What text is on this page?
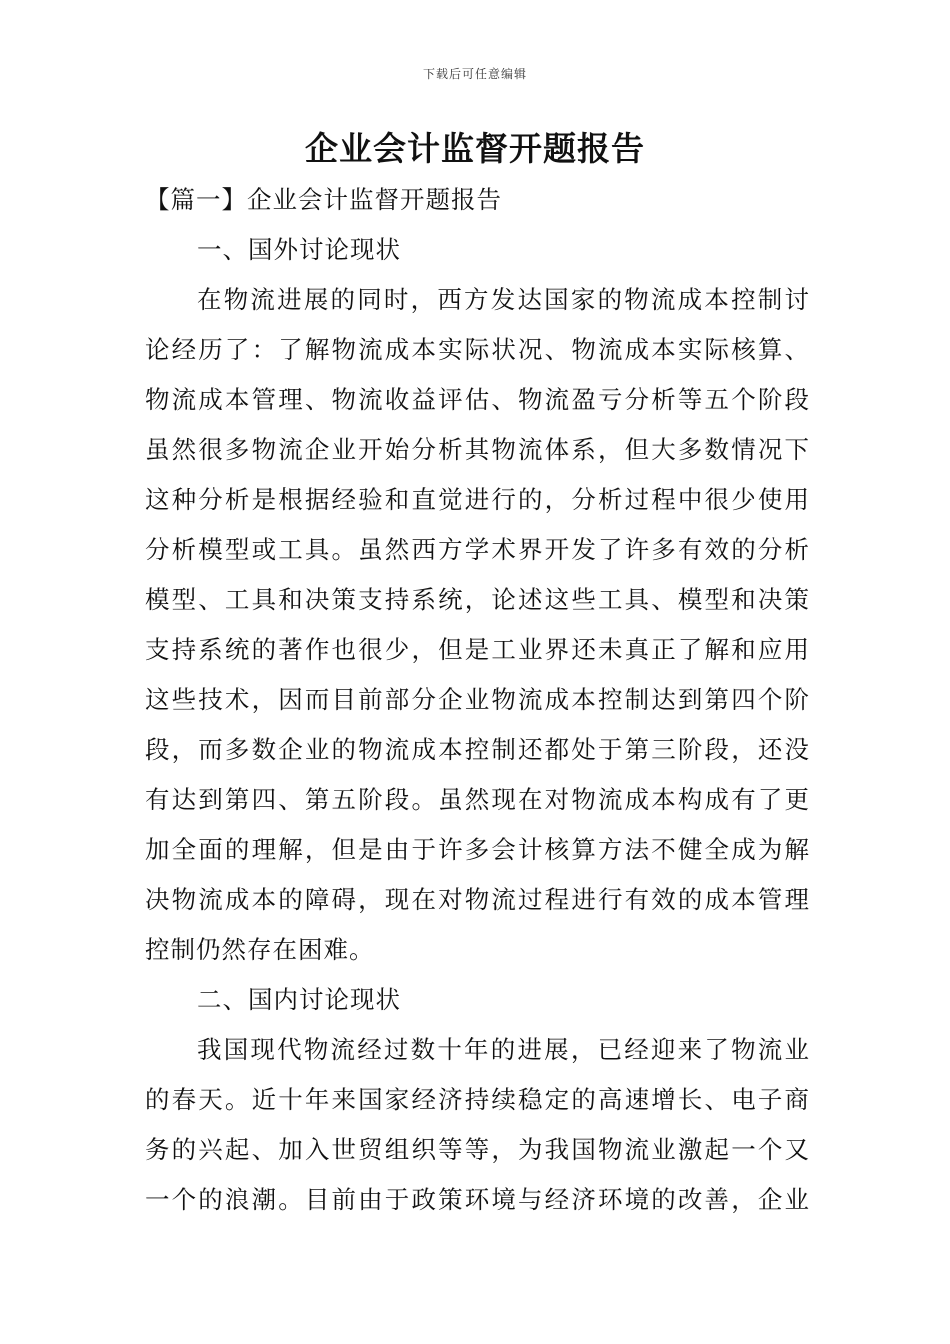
下载后可任意编辑
企业会计监督开题报告
【篇一】企业会计监督开题报告
一、国外讨论现状
在物流进展的同时，西方发达国家的物流成本控制讨
论经历了：了解物流成本实际状况、物流成本实际核算、
物流成本管理、物流收益评估、物流盈亏分析等五个阶段
虽然很多物流企业开始分析其物流体系，但大多数情况下
这种分析是根据经验和直觉进行的，分析过程中很少使用
分析模型或工具。虽然西方学术界开发了许多有效的分析
模型、工具和决策支持系统，论述这些工具、模型和决策
支持系统的著作也很少，但是工业界还未真正了解和应用
这些技术，因而目前部分企业物流成本控制达到第四个阶
段，而多数企业的物流成本控制还都处于第三阶段，还没
有达到第四、第五阶段。虽然现在对物流成本构成有了更
加全面的理解，但是由于许多会计核算方法不健全成为解
决物流成本的障碍，现在对物流过程进行有效的成本管理
控制仍然存在困难。
二、国内讨论现状
我国现代物流经过数十年的进展，已经迎来了物流业
的春天。近十年来国家经济持续稳定的高速增长、电子商
务的兴起、加入世贸组织等等，为我国物流业激起一个又
一个的浪潮。目前由于政策环境与经济环境的改善，企业
